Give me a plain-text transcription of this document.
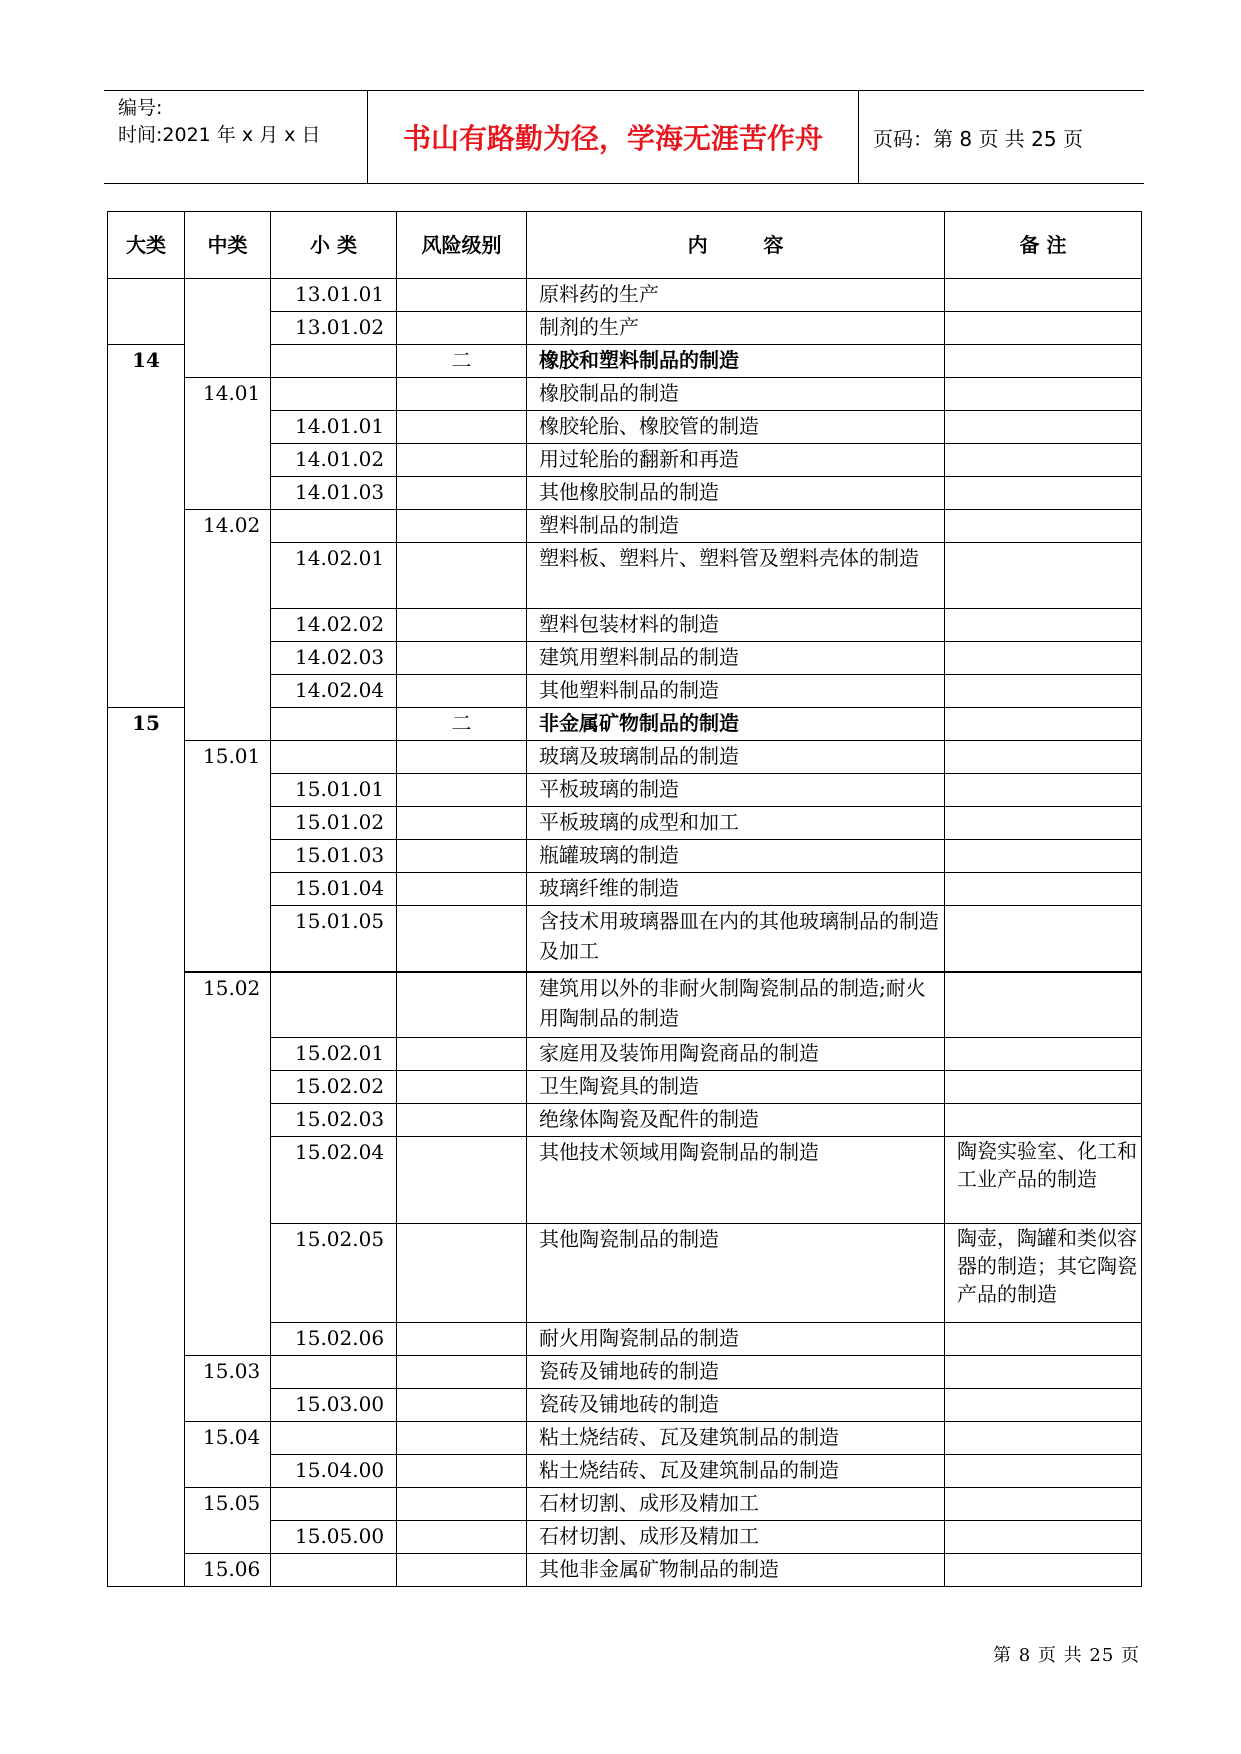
编号:
时间:2021 年 x 月 x 日	书山有路勤为径，学海无涯苦作舟	页码：第 8 页 共 25 页
大类	中类	小 类	风险级别	内        容	备 注
		13.01.01		原料药的生产	
		13.01.02		制剂的生产	
14			二	橡胶和塑料制品的制造	
	14.01			橡胶制品的制造	
		14.01.01		橡胶轮胎、橡胶管的制造	
		14.01.02		用过轮胎的翻新和再造	
		14.01.03		其他橡胶制品的制造	
	14.02			塑料制品的制造	
		14.02.01		塑料板、塑料片、塑料管及塑料壳体的制造	
		14.02.02		塑料包装材料的制造	
		14.02.03		建筑用塑料制品的制造	
		14.02.04		其他塑料制品的制造	
15			二	非金属矿物制品的制造	
	15.01			玻璃及玻璃制品的制造	
		15.01.01		平板玻璃的制造	
		15.01.02		平板玻璃的成型和加工	
		15.01.03		瓶罐玻璃的制造	
		15.01.04		玻璃纤维的制造	
		15.01.05		含技术用玻璃器皿在内的其他玻璃制品的制造及加工	
	15.02			建筑用以外的非耐火制陶瓷制品的制造;耐火用陶制品的制造	
		15.02.01		家庭用及装饰用陶瓷商品的制造	
		15.02.02		卫生陶瓷具的制造	
		15.02.03		绝缘体陶瓷及配件的制造	
		15.02.04		其他技术领域用陶瓷制品的制造	陶瓷实验室、化工和工业产品的制造
		15.02.05		其他陶瓷制品的制造	陶壶，陶罐和类似容器的制造；其它陶瓷产品的制造
		15.02.06		耐火用陶瓷制品的制造	
	15.03			瓷砖及铺地砖的制造	
		15.03.00		瓷砖及铺地砖的制造	
	15.04			粘土烧结砖、瓦及建筑制品的制造	
		15.04.00		粘土烧结砖、瓦及建筑制品的制造	
	15.05			石材切割、成形及精加工	
		15.05.00		石材切割、成形及精加工	
	15.06			其他非金属矿物制品的制造	
第 8 页 共 25 页
